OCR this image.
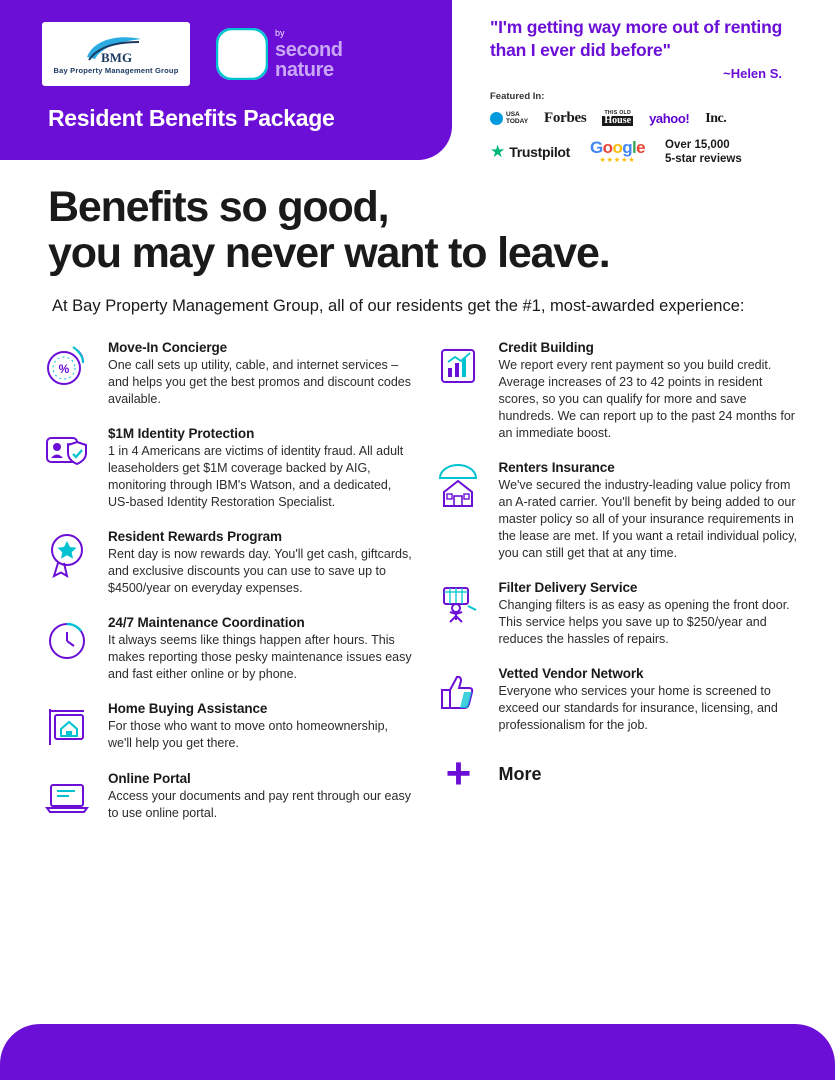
BMG
Bay Property Management Group
by
second
nature
Resident Benefits Package
"I'm getting way more out of renting than I ever did before"
~Helen S.
Featured In:
USA
TODAY Forbes	THIS OLD
House yahoo! Inc.
★ Trustpilot Google
★★★★★
Over 15,000
5-star reviews
Benefits so good,
you may never want to leave.
At Bay Property Management Group, all of our residents get the #1, most-awarded experience:
%
Move-In Concierge

One call sets up utility, cable, and internet services – and helps you get the best promos and discount codes available.

$1M Identity Protection

1 in 4 Americans are victims of identity fraud. All adult leaseholders get $1M coverage backed by AIG, monitoring through IBM's Watson, and a dedicated, US-based Identity Restoration Specialist.

Resident Rewards Program

Rent day is now rewards day. You'll get cash, giftcards, and exclusive discounts you can use to save up to $4500/year on everyday expenses.

24/7 Maintenance Coordination

It always seems like things happen after hours. This makes reporting those pesky maintenance issues easy and fast either online or by phone.

Home Buying Assistance

For those who want to move onto homeownership, we'll help you get there.

Online Portal

Access your documents and pay rent through our easy to use online portal.

Credit Building

We report every rent payment so you build credit. Average increases of 23 to 42 points in resident scores, so you can qualify for more and save hundreds. We can report up to the past 24 months for an immediate boost.

Renters Insurance

We've secured the industry-leading value policy from an A-rated carrier. You'll benefit by being added to our master policy so all of your insurance requirements in the lease are met. If you want a retail individual policy, you can still get that at any time.

Filter Delivery Service

Changing filters is as easy as opening the front door. This service helps you save up to $250/year and reduces the hassles of repairs.

Vetted Vendor Network

Everyone who services your home is screened to exceed our standards for insurance, licensing, and professionalism for the job.

+	More
